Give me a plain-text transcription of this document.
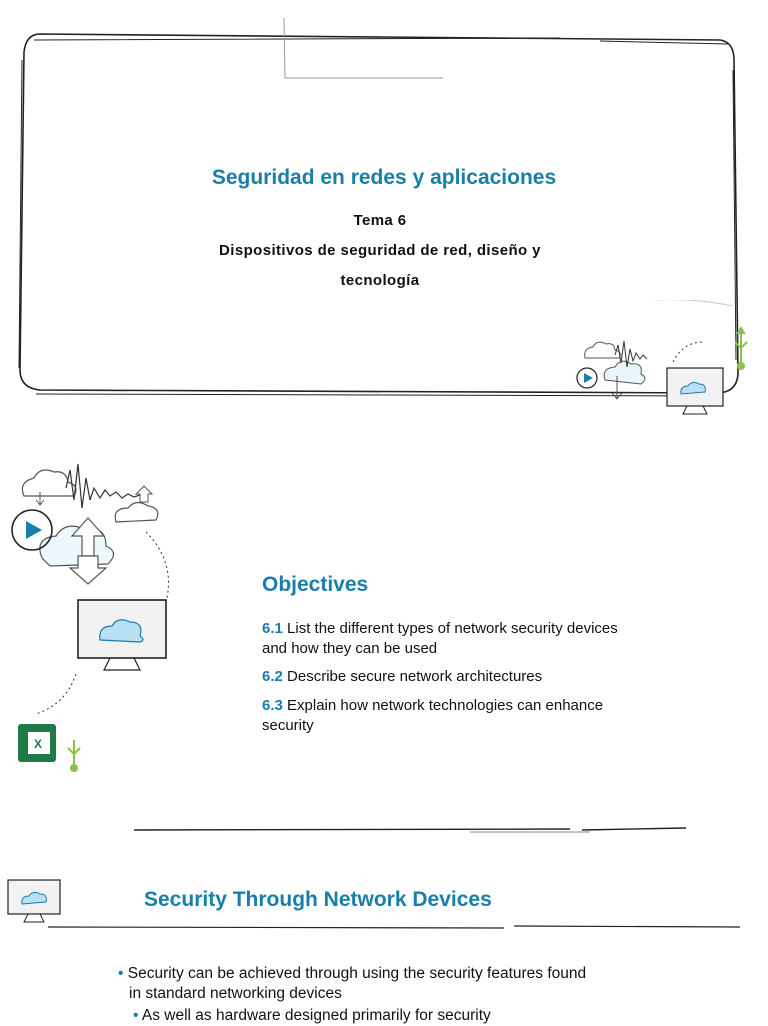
Seguridad en redes y aplicaciones
Tema 6
Dispositivos de seguridad de red, diseño y
tecnología
X
Objectives
6.1 List the different types of network security devices
and how they can be used
6.2 Describe secure network architectures
6.3 Explain how network technologies can enhance
security
Security Through Network Devices
• Security can be achieved through using the security features found
in standard networking devices
• As well as hardware designed primarily for security
